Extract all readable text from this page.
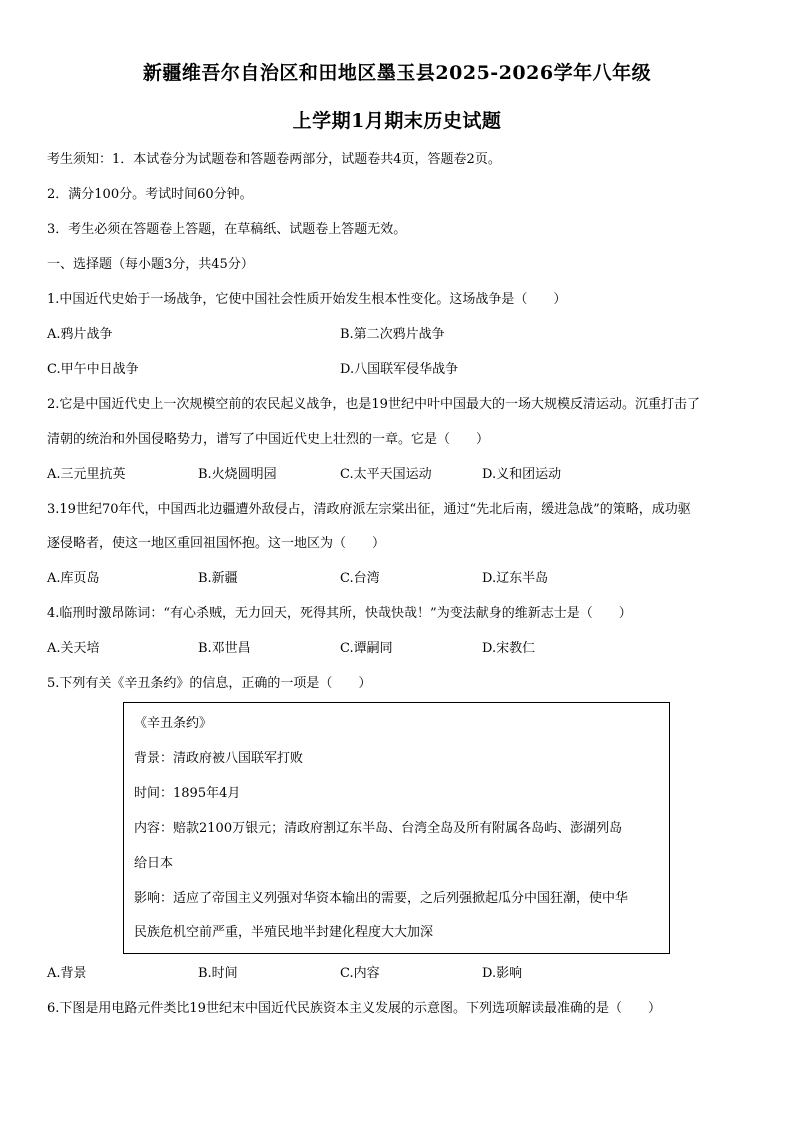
新疆维吾尔自治区和田地区墨玉县2025-2026学年八年级
上学期1月期末历史试题
考生须知：1．本试卷分为试题卷和答题卷两部分，试题卷共4页，答题卷2页。
2．满分100分。考试时间60分钟。
3．考生必须在答题卷上答题，在草稿纸、试题卷上答题无效。
一、选择题（每小题3分，共45分）
1.中国近代史始于一场战争，它使中国社会性质开始发生根本性变化。这场战争是（　　）
A.鸦片战争	B.第二次鸦片战争
C.甲午中日战争	D.八国联军侵华战争
2.它是中国近代史上一次规模空前的农民起义战争，也是19世纪中叶中国最大的一场大规模反清运动。沉重打击了
清朝的统治和外国侵略势力，谱写了中国近代史上壮烈的一章。它是（　　）
A.三元里抗英	B.火烧圆明园	C.太平天国运动	D.义和团运动
3.19世纪70年代，中国西北边疆遭外敌侵占，清政府派左宗棠出征，通过“先北后南，缓进急战”的策略，成功驱
逐侵略者，使这一地区重回祖国怀抱。这一地区为（　　）
A.库页岛	B.新疆	C.台湾	D.辽东半岛
4.临刑时激昂陈词：“有心杀贼，无力回天，死得其所，快哉快哉！”为变法献身的维新志士是（　　）
A.关天培	B.邓世昌	C.谭嗣同	D.宋教仁
5.下列有关《辛丑条约》的信息，正确的一项是（　　）
《辛丑条约》
背景：清政府被八国联军打败
时间：1895年4月
内容：赔款2100万银元；清政府割辽东半岛、台湾全岛及所有附属各岛屿、澎湖列岛
给日本
影响：适应了帝国主义列强对华资本输出的需要，之后列强掀起瓜分中国狂潮，使中华
民族危机空前严重，半殖民地半封建化程度大大加深
A.背景	B.时间	C.内容	D.影响
6.下图是用电路元件类比19世纪末中国近代民族资本主义发展的示意图。下列选项解读最准确的是（　　）
